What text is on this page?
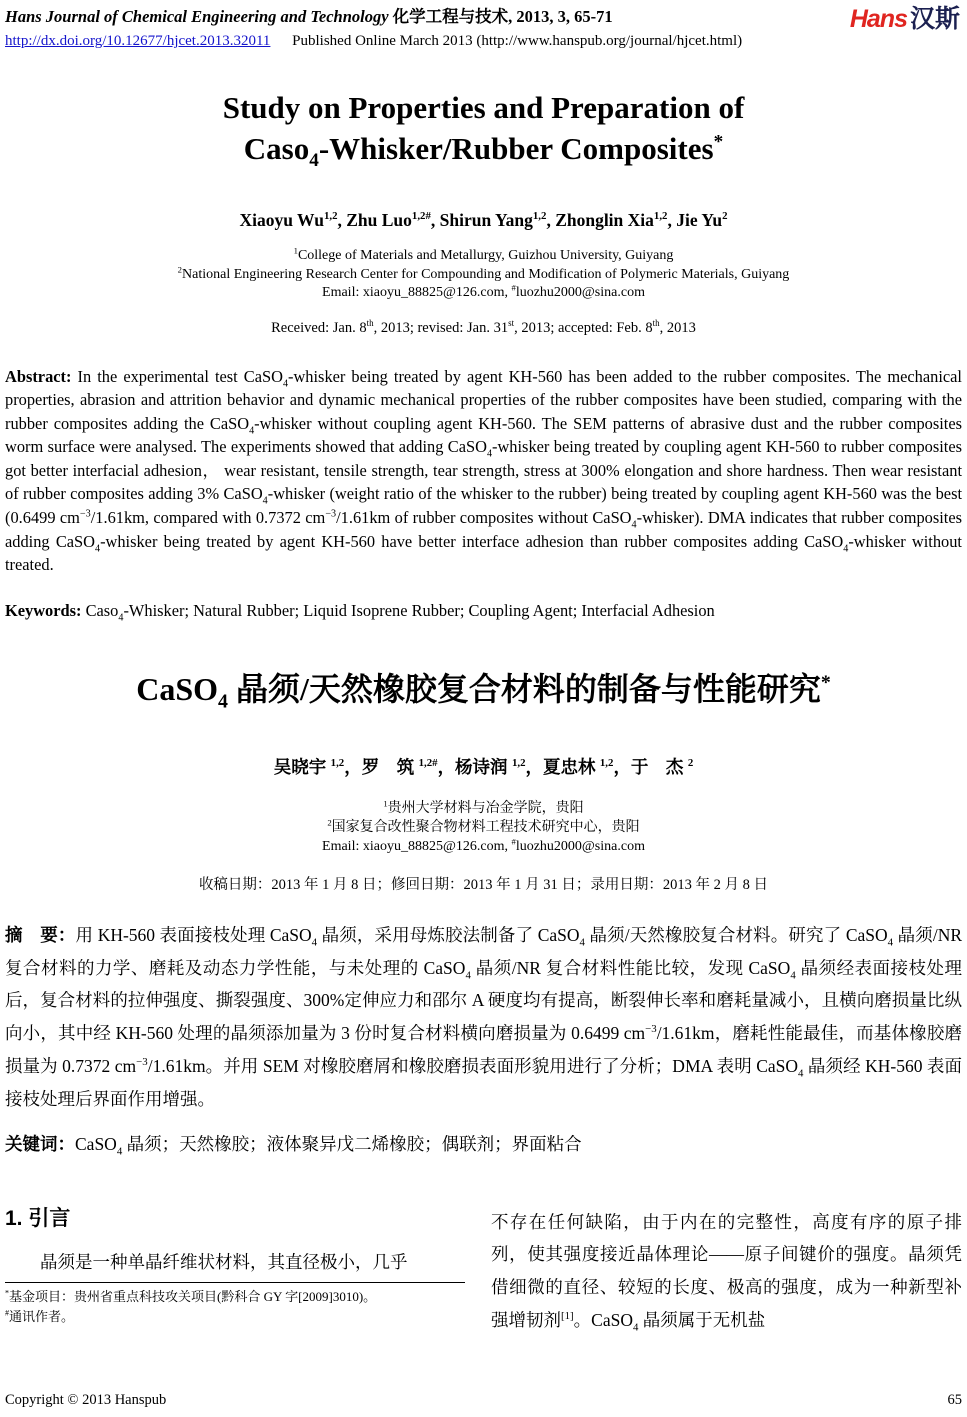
Hans Journal of Chemical Engineering and Technology 化学工程与技术, 2013, 3, 65-71
http://dx.doi.org/10.12677/hjcet.2013.32011 Published Online March 2013 (http://www.hanspub.org/journal/hjcet.html)
Hans 汉斯
Study on Properties and Preparation of
Caso$_4$-Whisker/Rubber Composites*
Xiaoyu Wu$^{1,2}$, Zhu Luo$^{1,2\#}$, Shirun Yang$^{1,2}$, Zhonglin Xia$^{1,2}$, Jie Yu$^2$
$^1$College of Materials and Metallurgy, Guizhou University, Guiyang
$^2$National Engineering Research Center for Compounding and Modification of Polymeric Materials, Guiyang
Email: xiaoyu_88825@126.com, #luozhu2000@sina.com
Received: Jan. 8th, 2013; revised: Jan. 31st, 2013; accepted: Feb. 8th, 2013

Abstract: In the experimental test CaSO$_4$-whisker being treated by agent KH-560 has been added to the rubber composites. The mechanical properties, abrasion and attrition behavior and dynamic mechanical properties of the rubber composites have been studied, comparing with the rubber composites adding the CaSO$_4$-whisker without coupling agent KH-560. The SEM patterns of abrasive dust and the rubber composites worm surface were analysed. The experiments showed that adding CaSO$_4$-whisker being treated by coupling agent KH-560 to rubber composites got better interfacial adhesion， wear resistant, tensile strength, tear strength, stress at 300% elongation and shore hardness. Then wear resistant of rubber composites adding 3% CaSO$_4$-whisker (weight ratio of the whisker to the rubber) being treated by coupling agent KH-560 was the best (0.6499 $cm^{-3}/1.61km$, compared with 0.7372 $cm^{-3}/1.61km$ of rubber composites without CaSO$_4$-whisker). DMA indicates that rubber composites adding CaSO$_4$-whisker being treated by agent KH-560 have better interface adhesion than rubber composites adding CaSO$_4$-whisker without treated.

Keywords: Caso$_4$-Whisker; Natural Rubber; Liquid Isoprene Rubber; Coupling Agent; Interfacial Adhesion

CaSO$_4$ 晶须/天然橡胶复合材料的制备与性能研究*
吴晓宇 $^{1,2}$，罗　筑 $^{1,2\#}$，杨诗润 $^{1,2}$，夏忠林 $^{1,2}$，于　杰 $^2$
$^1$贵州大学材料与冶金学院，贵阳
$^2$国家复合改性聚合物材料工程技术研究中心，贵阳
Email: xiaoyu_88825@126.com, #luozhu2000@sina.com
收稿日期：2013 年 1 月 8 日；修回日期：2013 年 1 月 31 日；录用日期：2013 年 2 月 8 日

摘　要：用 KH-560 表面接枝处理 CaSO$_4$ 晶须，采用母炼胶法制备了 CaSO$_4$ 晶须/天然橡胶复合材料。研究了 CaSO$_4$ 晶须/NR 复合材料的力学、磨耗及动态力学性能，与未处理的 CaSO$_4$ 晶须/NR 复合材料性能比较，发现 CaSO$_4$ 晶须经表面接枝处理后，复合材料的拉伸强度、撕裂强度、300%定伸应力和邵尔 A 硬度均有提高，断裂伸长率和磨耗量减小，且横向磨损量比纵向小，其中经 KH-560 处理的晶须添加量为 3 份时复合材料横向磨损量为 0.6499 $cm^{-3}/1.61km$，磨耗性能最佳，而基体橡胶磨损量为 0.7372 $cm^{-3}/1.61km$。并用 SEM 对橡胶磨屑和橡胶磨损表面形貌用进行了分析；DMA 表明 CaSO$_4$ 晶须经 KH-560 表面接枝处理后界面作用增强。

关键词：CaSO$_4$ 晶须；天然橡胶；液体聚异戊二烯橡胶；偶联剂；界面粘合

1. 引言

晶须是一种单晶纤维状材料，其直径极小，几乎

*基金项目：贵州省重点科技攻关项目(黔科合 GY 字[2009]3010)。
#通讯作者。

不存在任何缺陷，由于内在的完整性，高度有序的原子排列，使其强度接近晶体理论——原子间键价的强度。晶须凭借细微的直径、较短的长度、极高的强度，成为一种新型补强增韧剂[1]。CaSO$_4$ 晶须属于无机盐

Copyright © 2013 Hanspub	65
